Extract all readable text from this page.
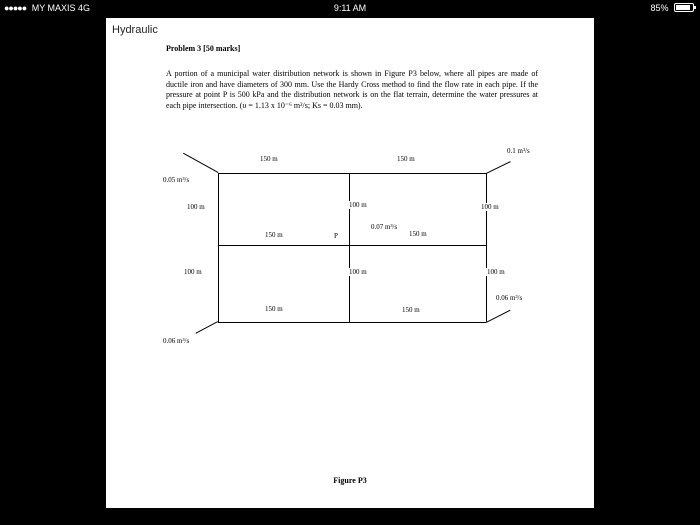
●●●●● MY MAXIS 4G	9:11 AM	85%
Hydraulic
Problem 3 [50 marks]
A portion of a municipal water distribution network is shown in Figure P3 below, where all pipes are made of ductile iron and have diameters of 300 mm. Use the Hardy Cross method to find the flow rate in each pipe. If the pressure at point P is 500 kPa and the distribution network is on the flat terrain, determine the water pressures at each pipe intersection. (υ = 1.13 x 10⁻⁶ m²/s; Ks = 0.03 mm).
0.05 m³/s
0.1 m³/s
150 m	150 m
100 m	100 m	100 m
0.07 m³/s
150 m
150 m	P
100 m	100 m	100 m
0.06 m³/s
150 m	150 m
0.06 m³/s
Figure P3
